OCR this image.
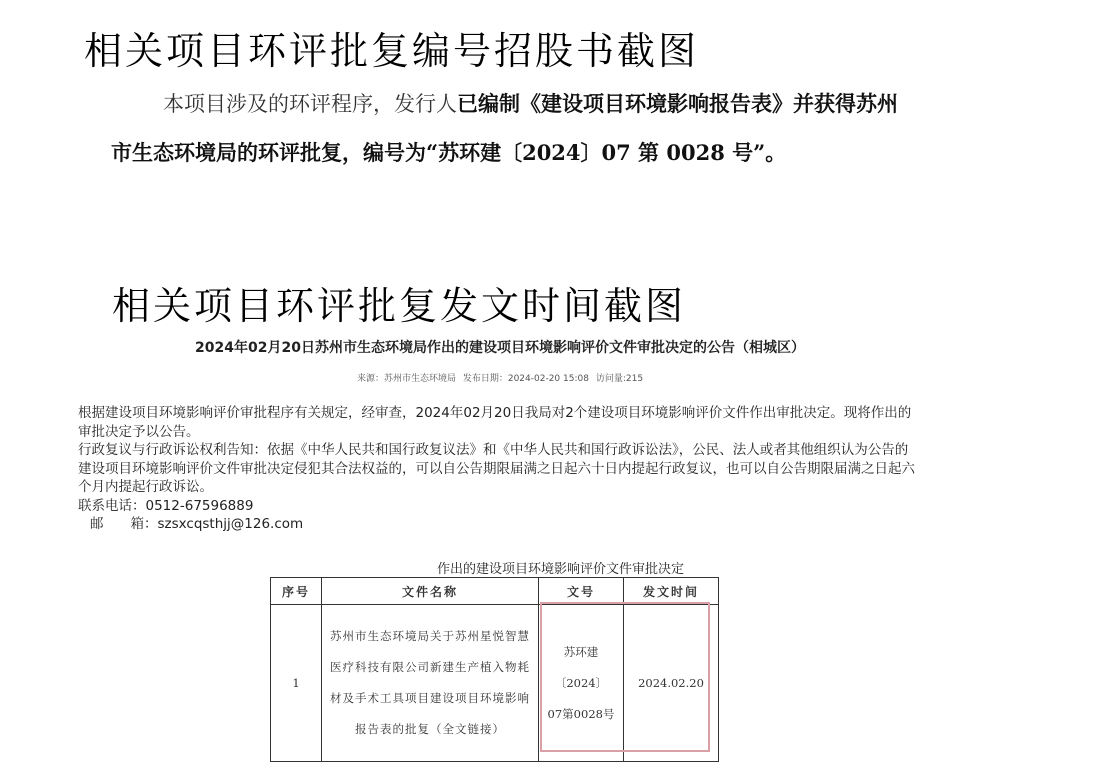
相关项目环评批复编号招股书截图
本项目涉及的环评程序，发行人已编制《建设项目环境影响报告表》并获得苏州
市生态环境局的环评批复，编号为“苏环建〔2024〕07 第 0028 号”。
相关项目环评批复发文时间截图
2024年02月20日苏州市生态环境局作出的建设项目环境影响评价文件审批决定的公告（相城区）
来源：苏州市生态环境局 发布日期：2024-02-20 15:08 访问量:215

根据建设项目环境影响评价审批程序有关规定，经审查，2024年02月20日我局对2个建设项目环境影响评价文件作出审批决定。现将作出的审批决定予以公告。

行政复议与行政诉讼权利告知：依据《中华人民共和国行政复议法》和《中华人民共和国行政诉讼法》，公民、法人或者其他组织认为公告的建设项目环境影响评价文件审批决定侵犯其合法权益的，可以自公告期限届满之日起六十日内提起行政复议，也可以自公告期限届满之日起六个月内提起行政诉讼。

联系电话：0512-67596889

邮　　箱：szsxcqsthjj@126.com

作出的建设项目环境影响评价文件审批决定
序号	文件名称	文号	发文时间
1	苏州市生态环境局关于苏州星悦智慧医疗科技有限公司新建生产植入物耗材及手术工具项目建设项目环境影响报告表的批复（全文链接）	苏环建
〔2024〕
07第0028号	2024.02.20
